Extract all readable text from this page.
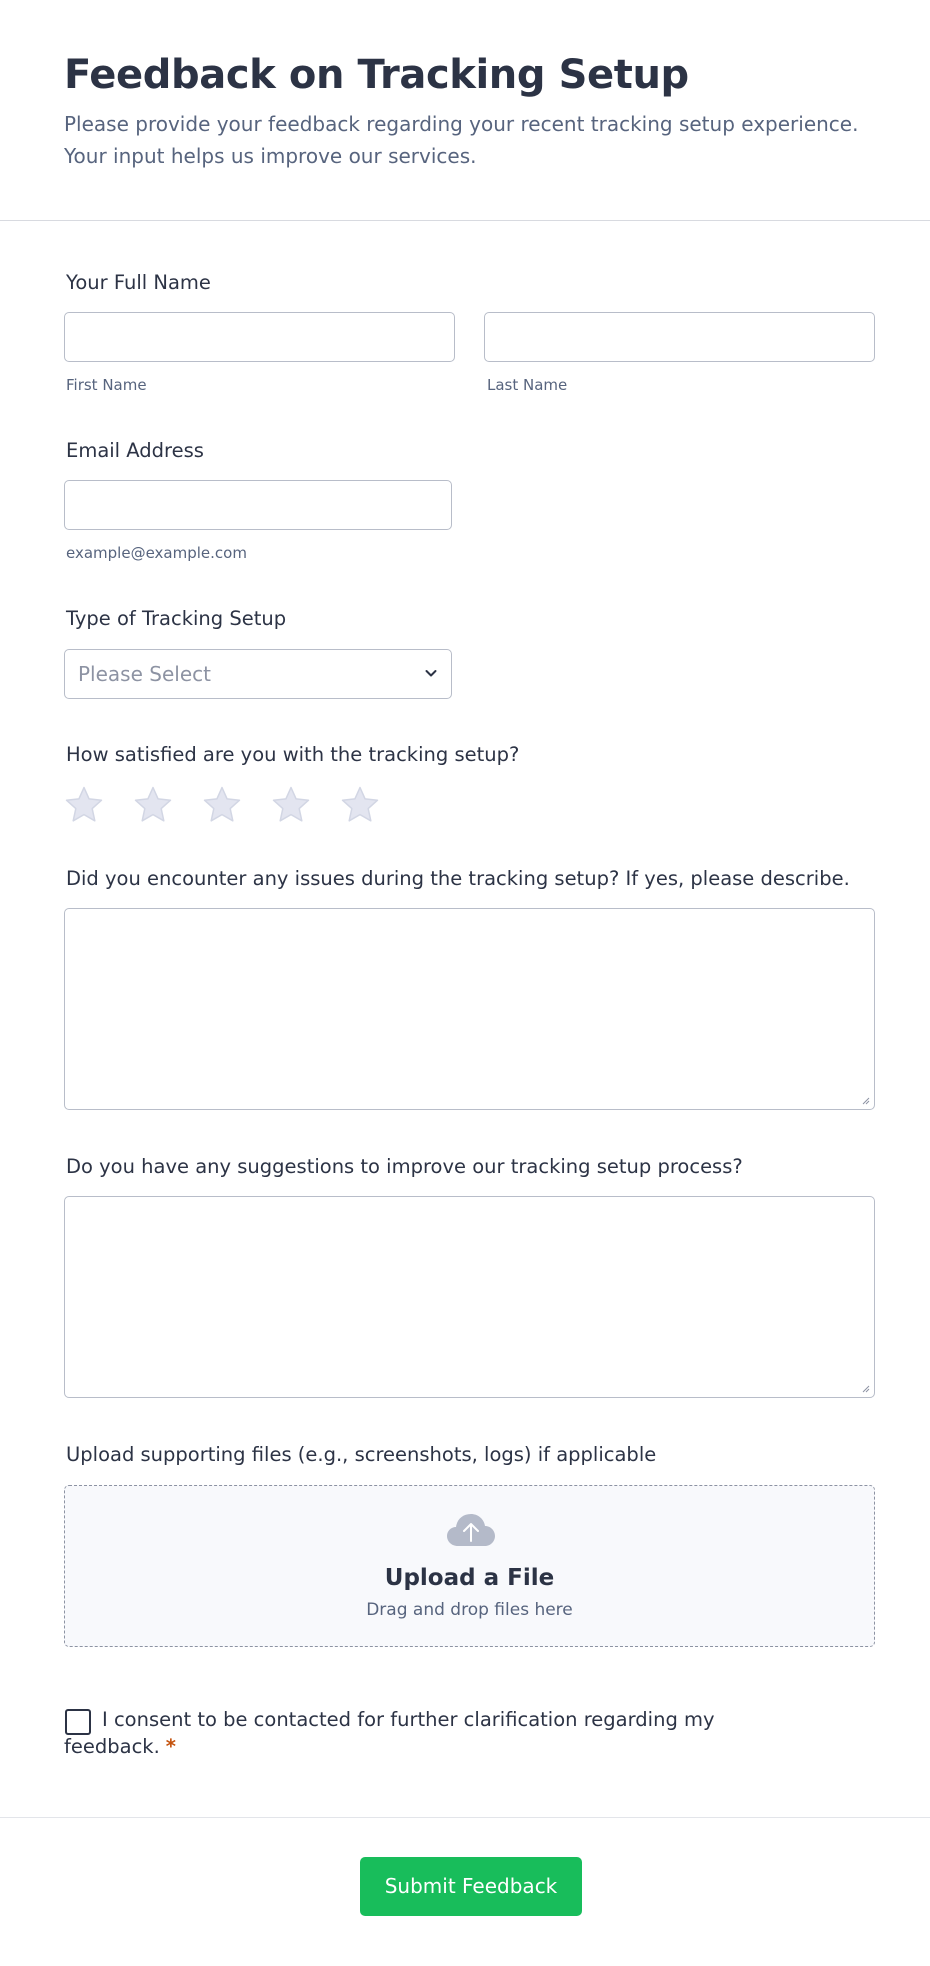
Feedback on Tracking Setup

Please provide your feedback regarding your recent tracking setup experience. Your input helps us improve our services.

Your Full Name
First Name	Last Name
Email Address
example@example.com
Type of Tracking Setup
Please Select
How satisfied are you with the tracking setup?
Did you encounter any issues during the tracking setup? If yes, please describe.
Do you have any suggestions to improve our tracking setup process?
Upload supporting files (e.g., screenshots, logs) if applicable
Upload a File
Drag and drop files here
I consent to be contacted for further clarification regarding my feedback. *
Submit Feedback
